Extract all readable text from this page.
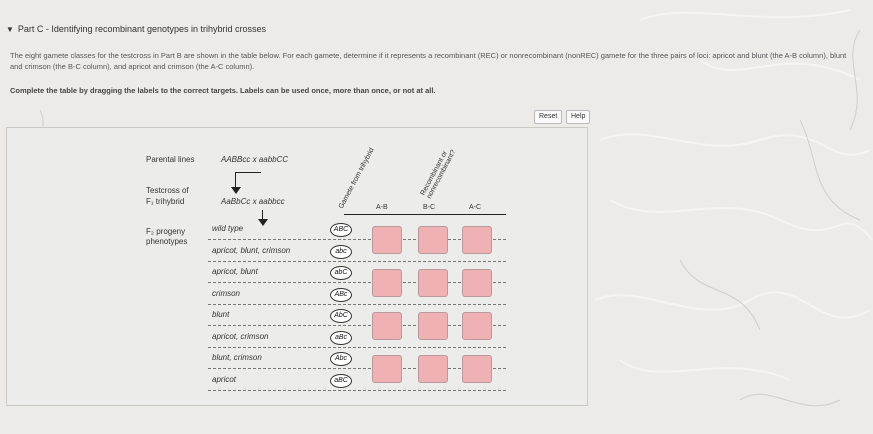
▼ Part C - Identifying recombinant genotypes in trihybrid crosses
The eight gamete classes for the testcross in Part B are shown in the table below. For each gamete, determine if it represents a recombinant (REC) or nonrecombinant (nonREC) gamete for the three pairs of loci: apricot and blunt (the A-B column), blunt and crimson (the B-C column), and apricot and crimson (the A-C column).
Complete the table by dragging the labels to the correct targets. Labels can be used once, more than once, or not at all.
Reset	Help
Parental lines	AABBcc x aabbCC
Testcross of
F₁ trihybrid	AaBbCc x aabbcc
F₂ progeny
phenotypes
Gamete from trihybrid	Recombinant or nonrecombinant?
A-B	B-C	A-C
wild type	ABC
apricot, blunt, crimson	abc
apricot, blunt	abC
crimson	ABc
blunt	AbC
apricot, crimson	aBc
blunt, crimson	Abc
apricot	aBC
